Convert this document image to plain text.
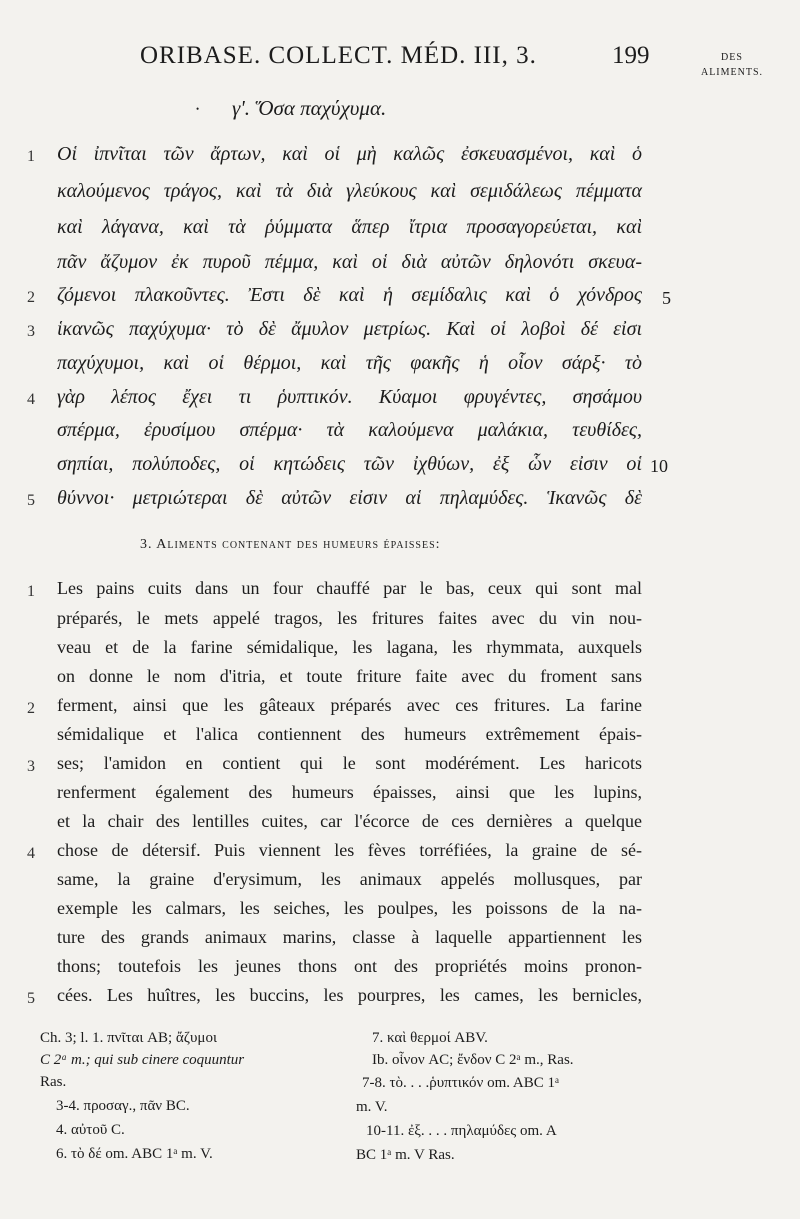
ORIBASE. COLLECT. MÉD. III, 3.	199	DES
ALIMENTS.
• γ'. Ὅσα παχύχυμα.
Οἱ ἰπνῖται τῶν ἄρτων, καὶ οἱ μὴ καλῶς ἐσκευασμένοι, καὶ ὁ
καλούμενος τράγος, καὶ τὰ διὰ γλεύκους καὶ σεμιδάλεως πέμματα
καὶ λάγανα, καὶ τὰ ῥύμματα ἅπερ ἴτρια προσαγορεύεται, καὶ
πᾶν ἄζυμον ἐκ πυροῦ πέμμα, καὶ οἱ διὰ αὐτῶν δηλονότι σκευα-
ζόμενοι πλακοῦντες. Ἐστι δὲ καὶ ἡ σεμίδαλις καὶ ὁ χόνδρος
ἱκανῶς παχύχυμα· τὸ δὲ ἄμυλον μετρίως. Καὶ οἱ λοβοὶ δέ εἰσι
παχύχυμοι, καὶ οἱ θέρμοι, καὶ τῆς φακῆς ἡ οἷον σάρξ· τὸ
γὰρ λέπος ἔχει τι ῥυπτικόν. Κύαμοι φρυγέντες, σησάμου
σπέρμα, ἐρυσίμου σπέρμα· τὰ καλούμενα μαλάκια, τευθίδες,
σηπίαι, πολύποδες, οἱ κητώδεις τῶν ἰχθύων, ἐξ ὧν εἰσιν οἱ
θύννοι· μετριώτεραι δὲ αὐτῶν εἰσιν αἱ πηλαμύδες. Ἱκανῶς δὲ
1
2
3
4
5
5
10
3. Aliments contenant des humeurs épaisses:
Les pains cuits dans un four chauffé par le bas, ceux qui sont mal
préparés, le mets appelé tragos, les fritures faites avec du vin nou-
veau et de la farine sémidalique, les lagana, les rhymmata, auxquels
on donne le nom d'itria, et toute friture faite avec du froment sans
ferment, ainsi que les gâteaux préparés avec ces fritures. La farine
sémidalique et l'alica contiennent des humeurs extrêmement épais-
ses; l'amidon en contient qui le sont modérément. Les haricots
renferment également des humeurs épaisses, ainsi que les lupins,
et la chair des lentilles cuites, car l'écorce de ces dernières a quelque
chose de détersif. Puis viennent les fèves torréfiées, la graine de sé-
same, la graine d'erysimum, les animaux appelés mollusques, par
exemple les calmars, les seiches, les poulpes, les poissons de la na-
ture des grands animaux marins, classe à laquelle appartiennent les
thons; toutefois les jeunes thons ont des propriétés moins pronon-
cées. Les huîtres, les buccins, les pourpres, les cames, les bernicles,
1
2
3
4
5
Ch. 3; l. 1. πνῖται AB; ἄζυμοι
C 2ᵃ m.; qui sub cinere coquuntur
Ras.
3-4. προσαγ., πᾶν BC.
4. αὐτοῦ C.
6. τὸ δέ om. ABC 1ᵃ m. V.
7. καὶ θερμοί ABV.
Ib. οἷνον AC; ἔνδον C 2ᵃ m., Ras.
7-8. τὸ. . . .ῥυπτικόν om. ABC 1ᵃ
m. V.
10-11. ἐξ. . . . πηλαμύδες om. A
BC 1ᵃ m. V Ras.
